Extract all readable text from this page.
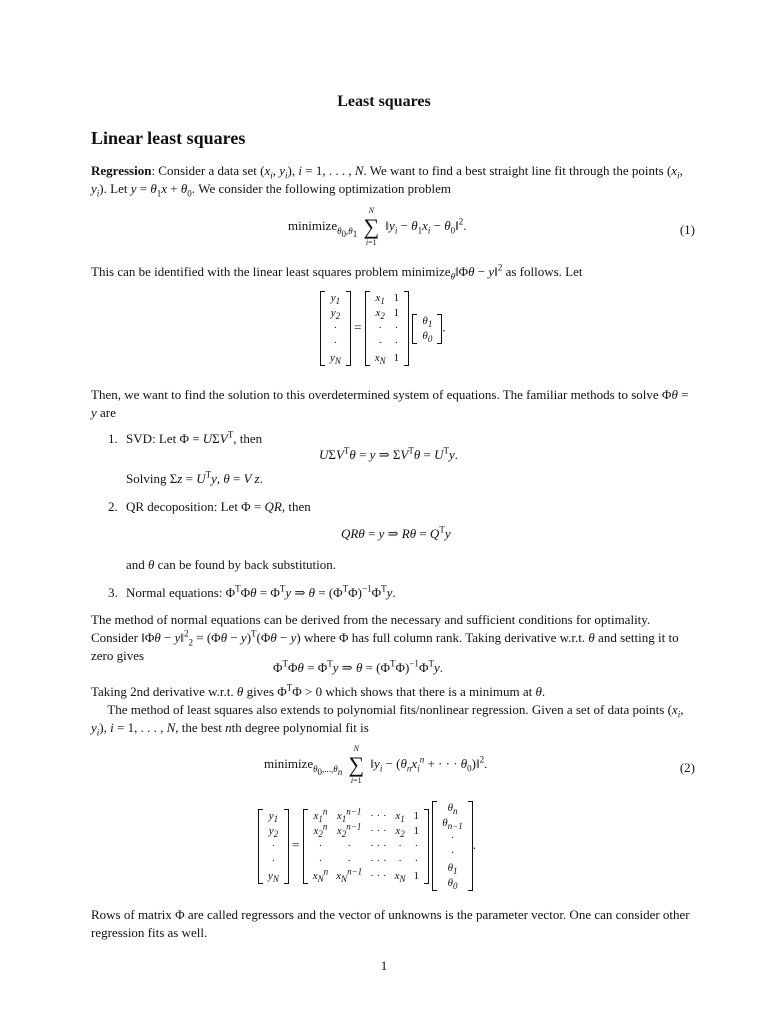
Least squares
Linear least squares

Regression: Consider a data set ($x_i$, $y_i$), i = 1, . . . , N. We want to find a best straight line fit through the points ($x_i$, $y_i$). Let $y = \theta_1x + \theta_0$. We consider the following optimization problem

minimize$_{\theta_0,\theta_1}$
N
∑
i=1
$‖y_i - \theta_1x_i$ − $\theta_0‖^2$.	(1)

This can be identified with the linear least squares problem minimize$_\theta$‖Φθ − y‖$^2$ as follows. Let

$y_1$
$y_2$
·
·
$y_N$
=
$x_1$	1
$x_2$	1
·	·
·	·
$x_N$	1

$\theta_1$
$\theta_0$
.

Then, we want to find the solution to this overdetermined system of equations. The familiar methods to solve Φθ = y are

1. SVD: Let $\Phi = U\Sigma V^T$, then
$U\Sigma V^T\theta = y$ ⇒ $\Sigma V^T\theta = U^Ty$.
Solving $\Sigma z = U^Ty$, θ = V z.
2. QR decoposition: Let Φ = QR, then
QRθ = y ⇒ $R\theta = Q^Ty$
and θ can be found by back substitution.
3. Normal equations: $\Phi^T\Phi\theta = \Phi^Ty$ ⇒ $\theta = (\Phi^T\Phi)^{-1}\Phi^Ty$.

The method of normal equations can be derived from the necessary and sufficient conditions for optimality. Consider ‖Φθ − y‖$^2_2$ = $(\Phi\theta - y)^T(\Phi\theta - y)$ where Φ has full column rank. Taking derivative w.r.t. θ and setting it to zero gives

$\Phi^T\Phi\theta = \Phi^Ty$ ⇒ $\theta = (\Phi^T\Phi)^{-1}\Phi^Ty$.

Taking 2nd derivative w.r.t. θ gives $\Phi^T\Phi > 0$ which shows that there is a minimum at θ.
The method of least squares also extends to polynomial fits/nonlinear regression. Given a set of data points ($x_i$, $y_i$), i = 1, . . . , N, the best nth degree polynomial fit is

minimize$_{\theta_0,...,\theta_n}$
N
∑
i=1
$‖y_i - (\theta_nx_i^n$ + · · · $\theta_0)‖^2$.	(2)
$y_1$
$y_2$
·
·
$y_N$
=
$x_1^n$	$x_1^{n-1}$	· · ·	$x_1$	1
$x_2^n$	$x_2^{n-1}$	· · ·	$x_2$	1
·	·	· · ·	·	·
·	·	· · ·	·	·
$x_N^n$	$x_N^{n-1}$	· · ·	$x_N$	1

$\theta_n$
$\theta_{n-1}$
·
·
$\theta_1$
$\theta_0$
.

Rows of matrix Φ are called regressors and the vector of unknowns is the parameter vector. One can consider other regression fits as well.

1
